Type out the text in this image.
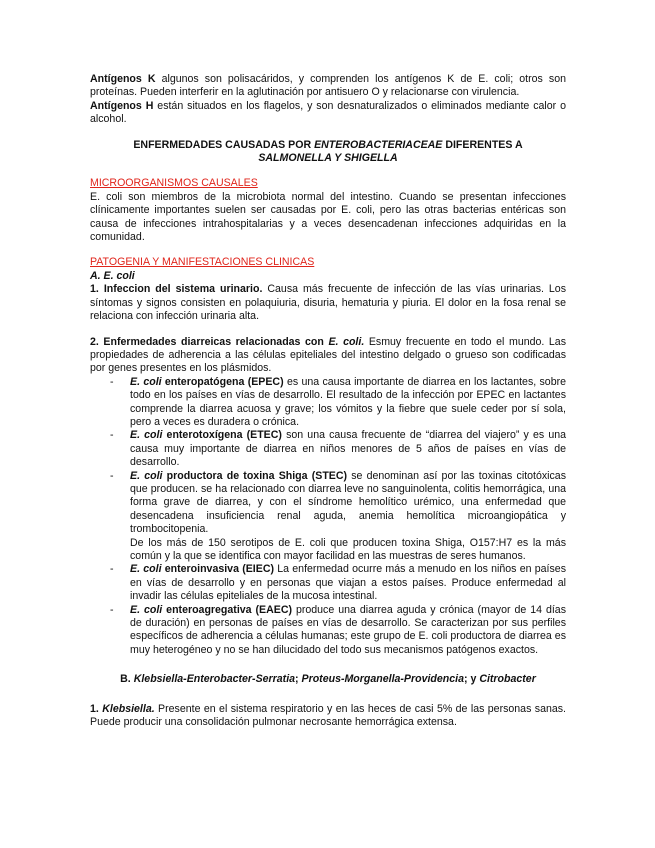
Antígenos K algunos son polisacáridos, y comprenden los antígenos K de E. coli; otros son proteínas. Pueden interferir en la aglutinación por antisuero O y relacionarse con virulencia.

Antígenos H están situados en los flagelos, y son desnaturalizados o eliminados mediante calor o alcohol.

ENFERMEDADES CAUSADAS POR ENTEROBACTERIACEAE DIFERENTES A
SALMONELLA Y SHIGELLA

MICROORGANISMOS CAUSALES

E. coli son miembros de la microbiota normal del intestino. Cuando se presentan infecciones clínicamente importantes suelen ser causadas por E. coli, pero las otras bacterias entéricas son causa de infecciones intrahospitalarias y a veces desencadenan infecciones adquiridas en la comunidad.

PATOGENIA Y MANIFESTACIONES CLINICAS

A. E. coli

1. Infeccion del sistema urinario. Causa más frecuente de infección de las vías urinarias. Los síntomas y signos consisten en polaquiuria, disuria, hematuria y piuria. El dolor en la fosa renal se relaciona con infección urinaria alta.

2. Enfermedades diarreicas relacionadas con E. coli. Esmuy frecuente en todo el mundo. Las propiedades de adherencia a las células epiteliales del intestino delgado o grueso son codificadas por genes presentes en los plásmidos.

- E. coli enteropatógena (EPEC) es una causa importante de diarrea en los lactantes, sobre todo en los países en vías de desarrollo. El resultado de la infección por EPEC en lactantes comprende la diarrea acuosa y grave; los vómitos y la fiebre que suele ceder por sí sola, pero a veces es duradera o crónica.
- E. coli enterotoxígena (ETEC) son una causa frecuente de “diarrea del viajero” y es una causa muy importante de diarrea en niños menores de 5 años de países en vías de desarrollo.
- E. coli productora de toxina Shiga (STEC) se denominan así por las toxinas citotóxicas que producen. se ha relacionado con diarrea leve no sanguinolenta, colitis hemorrágica, una forma grave de diarrea, y con el síndrome hemolítico urémico, una enfermedad que desencadena insuficiencia renal aguda, anemia hemolítica microangiopática y trombocitopenia.

De los más de 150 serotipos de E. coli que producen toxina Shiga, O157:H7 es la más común y la que se identifica con mayor facilidad en las muestras de seres humanos.

- E. coli enteroinvasiva (EIEC) La enfermedad ocurre más a menudo en los niños en países en vías de desarrollo y en personas que viajan a estos países. Produce enfermedad al invadir las células epiteliales de la mucosa intestinal.
- E. coli enteroagregativa (EAEC) produce una diarrea aguda y crónica (mayor de 14 días de duración) en personas de países en vías de desarrollo. Se caracterizan por sus perfiles específicos de adherencia a células humanas; este grupo de E. coli productora de diarrea es muy heterogéneo y no se han dilucidado del todo sus mecanismos patógenos exactos.

B. Klebsiella-Enterobacter-Serratia; Proteus-Morganella-Providencia; y Citrobacter

1. Klebsiella. Presente en el sistema respiratorio y en las heces de casi 5% de las personas sanas. Puede producir una consolidación pulmonar necrosante hemorrágica extensa.
